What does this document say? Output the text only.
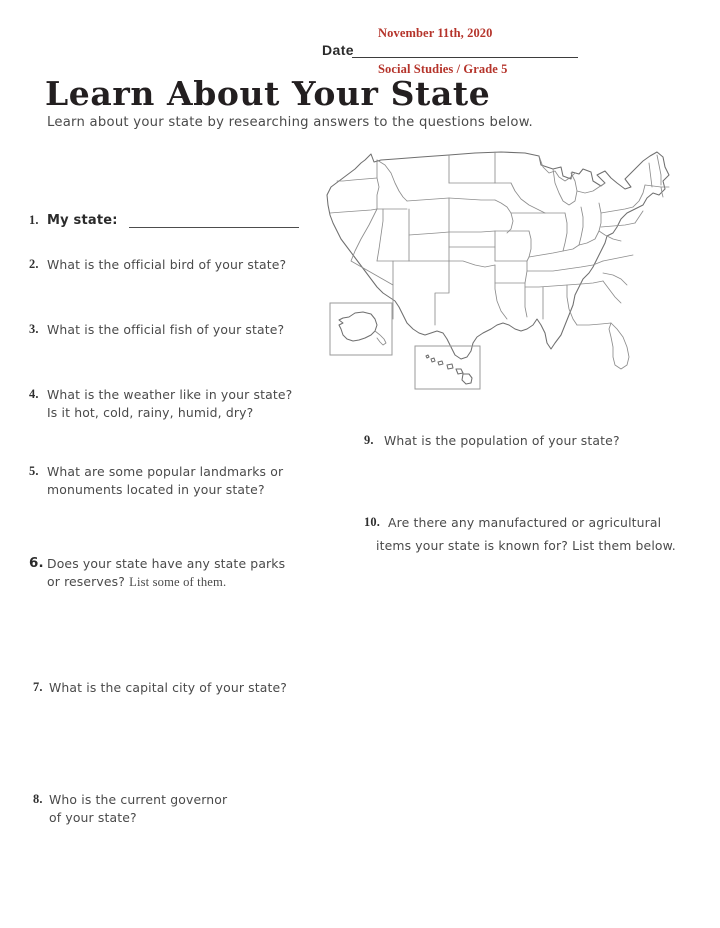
Date
November 11th, 2020
Social Studies / Grade 5
Learn About Your State
Learn about your state by researching answers to the questions below.
1. My state:
2. What is the official bird of your state?
3. What is the official fish of your state?
4. What is the weather like in your state?
Is it hot, cold, rainy, humid, dry?
5. What are some popular landmarks or
monuments located in your state?
6. Does your state have any state parks
or reserves? List some of them.
7. What is the capital city of your state?
8. Who is the current governor
of your state?
9. What is the population of your state?
10. Are there any manufactured or agricultural
items your state is known for? List them below.
